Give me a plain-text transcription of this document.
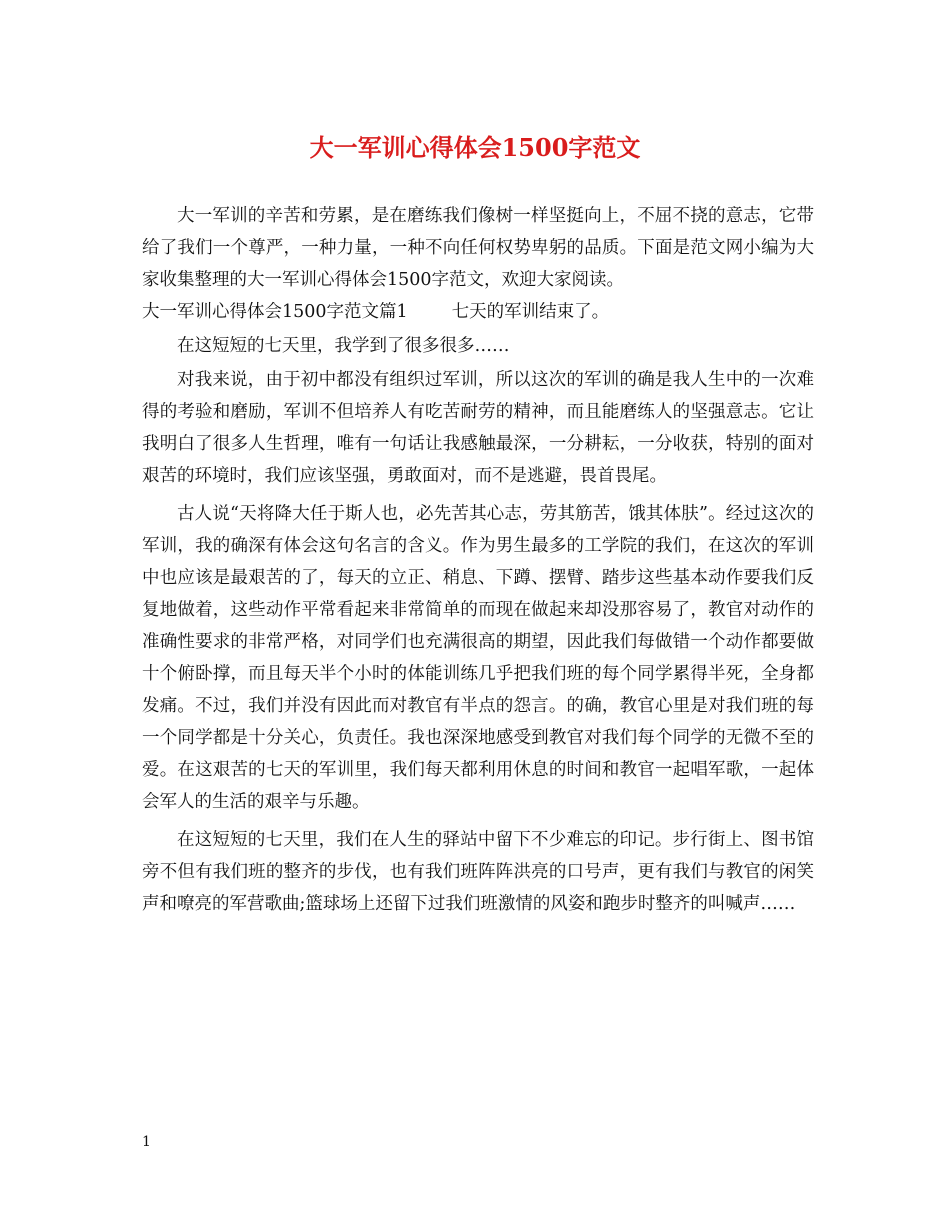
大一军训心得体会1500字范文

大一军训的辛苦和劳累，是在磨练我们像树一样坚挺向上，不屈不挠的意志，它带给了我们一个尊严，一种力量，一种不向任何权势卑躬的品质。下面是范文网小编为大家收集整理的大一军训心得体会1500字范文，欢迎大家阅读。

大一军训心得体会1500字范文篇1	七天的军训结束了。

在这短短的七天里，我学到了很多很多……

对我来说，由于初中都没有组织过军训，所以这次的军训的确是我人生中的一次难得的考验和磨励，军训不但培养人有吃苦耐劳的精神，而且能磨练人的坚强意志。它让我明白了很多人生哲理，唯有一句话让我感触最深，一分耕耘，一分收获，特别的面对艰苦的环境时，我们应该坚强，勇敢面对，而不是逃避，畏首畏尾。

古人说“天将降大任于斯人也，必先苦其心志，劳其筋苦，饿其体肤”。经过这次的军训，我的确深有体会这句名言的含义。作为男生最多的工学院的我们，在这次的军训中也应该是最艰苦的了，每天的立正、稍息、下蹲、摆臂、踏步这些基本动作要我们反复地做着，这些动作平常看起来非常简单的而现在做起来却没那容易了，教官对动作的准确性要求的非常严格，对同学们也充满很高的期望，因此我们每做错一个动作都要做十个俯卧撑，而且每天半个小时的体能训练几乎把我们班的每个同学累得半死，全身都发痛。不过，我们并没有因此而对教官有半点的怨言。的确，教官心里是对我们班的每一个同学都是十分关心，负责任。我也深深地感受到教官对我们每个同学的无微不至的爱。在这艰苦的七天的军训里，我们每天都利用休息的时间和教官一起唱军歌，一起体会军人的生活的艰辛与乐趣。

在这短短的七天里，我们在人生的驿站中留下不少难忘的印记。步行街上、图书馆旁不但有我们班的整齐的步伐，也有我们班阵阵洪亮的口号声，更有我们与教官的闲笑声和嘹亮的军营歌曲;篮球场上还留下过我们班激情的风姿和跑步时整齐的叫喊声……

1
